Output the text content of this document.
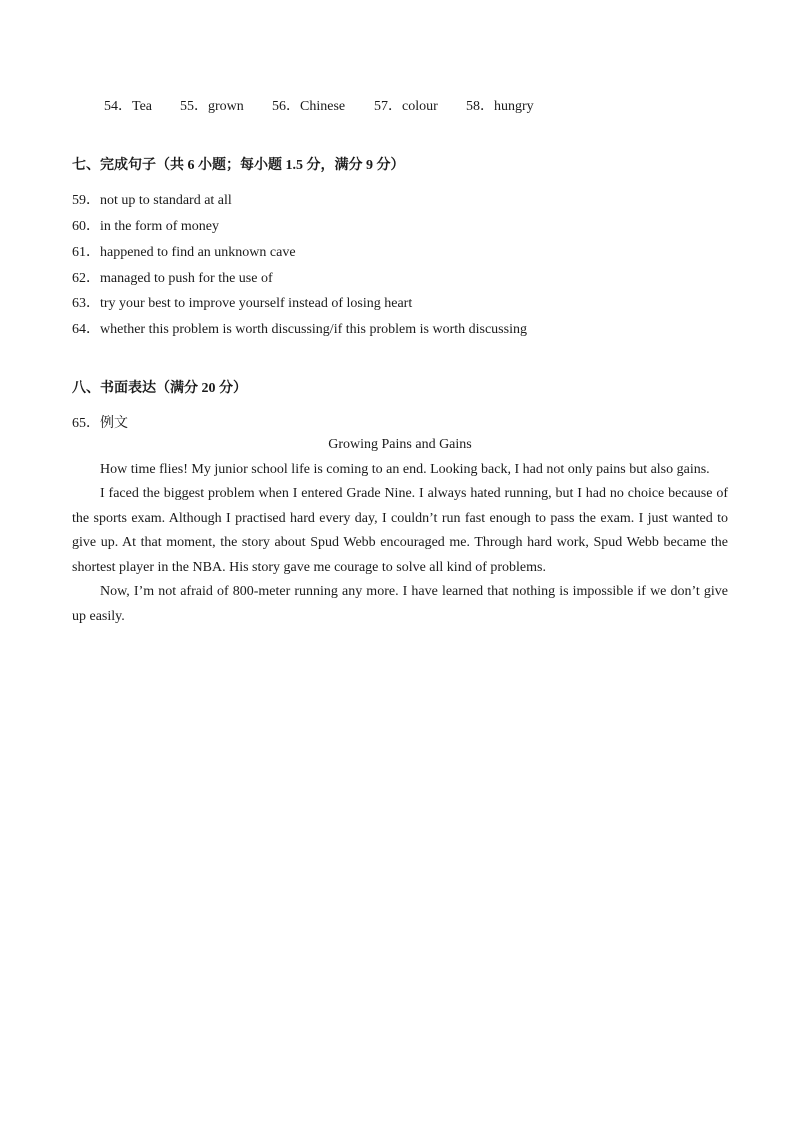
54．Tea	55．grown	56．Chinese	57．colour	58．hungry
七、完成句子（共 6 小题；每小题 1.5 分，满分 9 分）
59．not up to standard at all
60．in the form of money
61．happened to find an unknown cave
62．managed to push for the use of
63．try your best to improve yourself instead of losing heart
64．whether this problem is worth discussing/if this problem is worth discussing
八、书面表达（满分 20 分）
65．例文
Growing Pains and Gains
How time flies! My junior school life is coming to an end. Looking back, I had not only pains but also gains.
I faced the biggest problem when I entered Grade Nine. I always hated running, but I had no choice because of the sports exam. Although I practised hard every day, I couldn’t run fast enough to pass the exam. I just wanted to give up. At that moment, the story about Spud Webb encouraged me. Through hard work, Spud Webb became the shortest player in the NBA. His story gave me courage to solve all kind of problems.
Now, I’m not afraid of 800-meter running any more. I have learned that nothing is impossible if we don’t give up easily.
